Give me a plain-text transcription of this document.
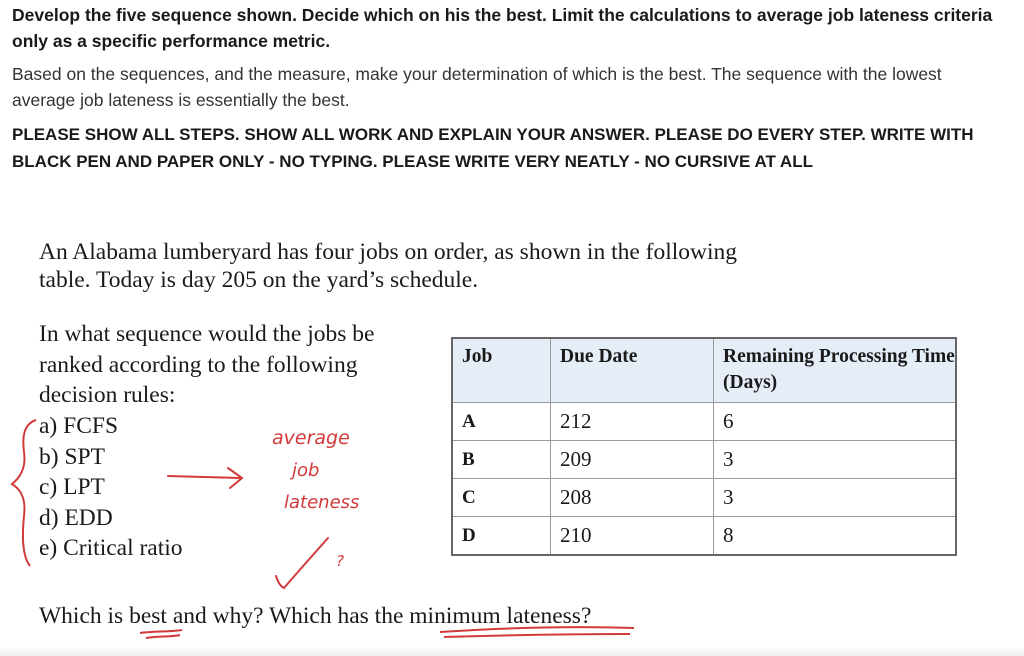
Develop the five sequence shown. Decide which on his the best. Limit the calculations to average job lateness criteria only as a specific performance metric.

Based on the sequences, and the measure, make your determination of which is the best. The sequence with the lowest average job lateness is essentially the best.

PLEASE SHOW ALL STEPS. SHOW ALL WORK AND EXPLAIN YOUR ANSWER. PLEASE DO EVERY STEP. WRITE WITH BLACK PEN AND PAPER ONLY - NO TYPING. PLEASE WRITE VERY NEATLY - NO CURSIVE AT ALL

An Alabama lumberyard has four jobs on order, as shown in the following
table. Today is day 205 on the yard’s schedule.

In what sequence would the jobs be ranked according to the following decision rules:

a) FCFS
b) SPT
c) LPT
d) EDD
e) Critical ratio
Job	Due Date	Remaining Processing Time (Days)
A	212	6
B	209	3
C	208	3
D	210	8

Which is best and why? Which has the minimum lateness?

average
job
lateness
?
